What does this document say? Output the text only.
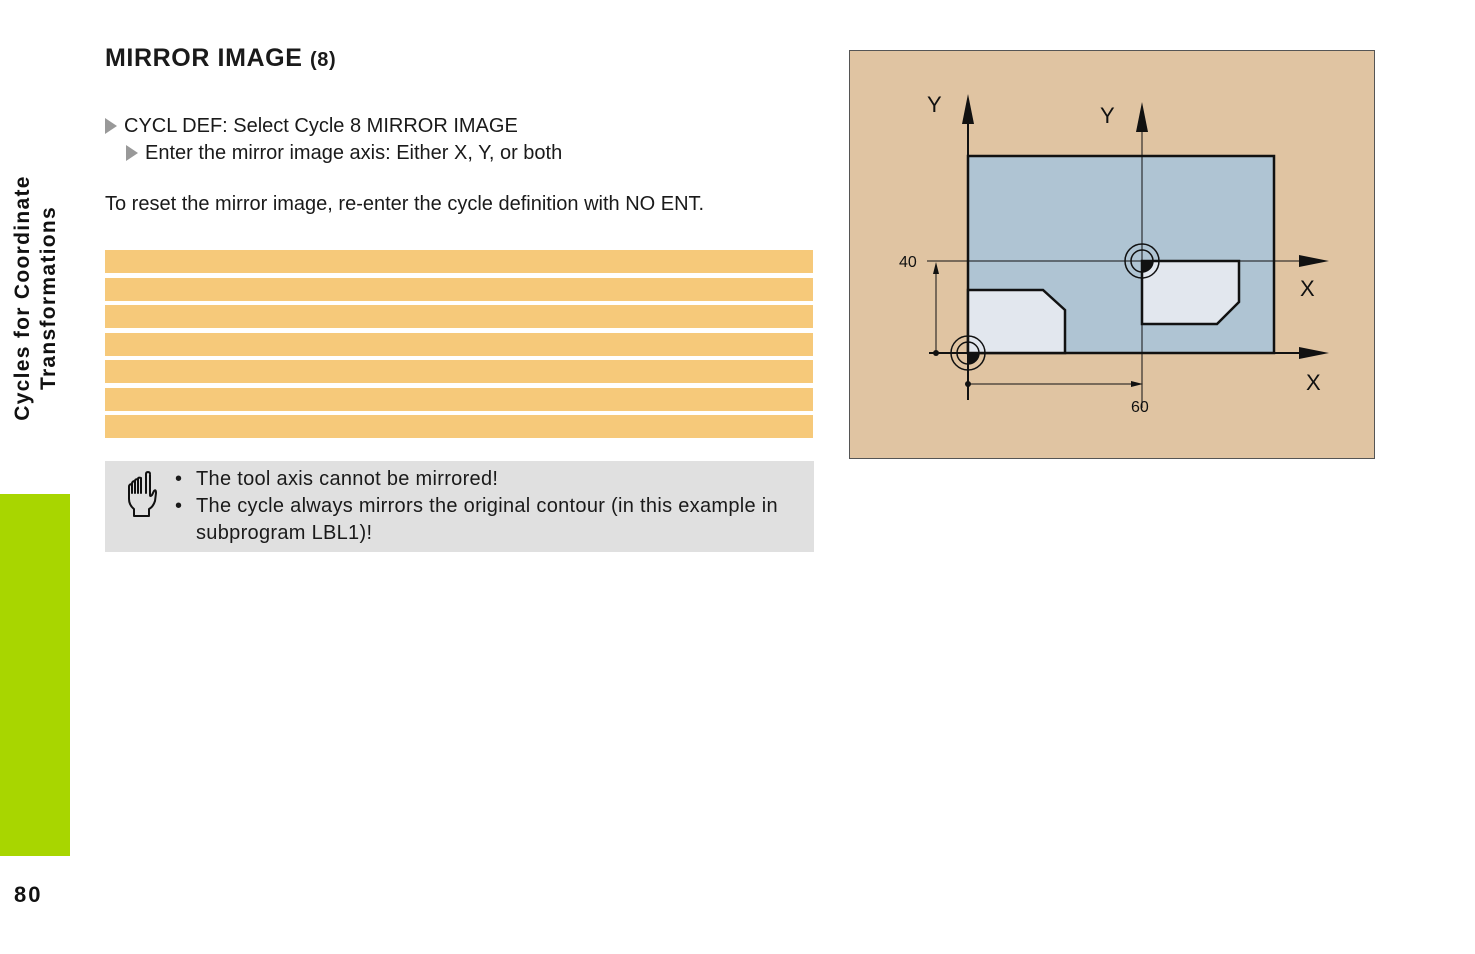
Cycles for Coordinate Transformations
80
MIRROR IMAGE (8)
CYCL DEF: Select Cycle 8 MIRROR IMAGE
Enter the mirror image axis: Either X, Y, or both

To reset the mirror image, re-enter the cycle definition with NO ENT.

• The tool axis cannot be mirrored!
• The cycle always mirrors the original contour (in this example in subprogram LBL1)!
Y	Y
X
X
40
60
